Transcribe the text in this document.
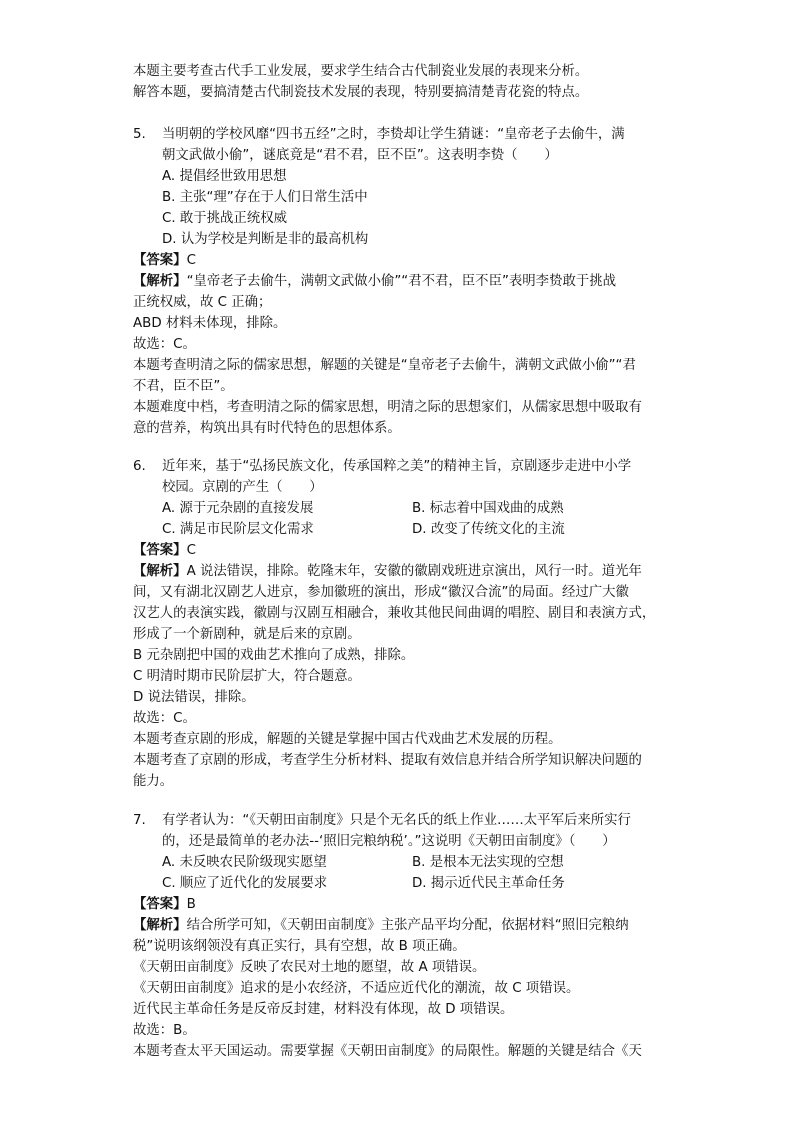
本题主要考查古代手工业发展，要求学生结合古代制瓷业发展的表现来分析。
解答本题，要搞清楚古代制瓷技术发展的表现，特别要搞清楚青花瓷的特点。
5. 当明朝的学校风靡“四书五经”之时，李贽却让学生猜谜：“皇帝老子去偷牛，满
朝文武做小偷”，谜底竟是“君不君，臣不臣”。这表明李贽（　　）
A. 提倡经世致用思想
B. 主张“理”存在于人们日常生活中
C. 敢于挑战正统权威
D. 认为学校是判断是非的最高机构
【答案】C
【解析】“皇帝老子去偷牛，满朝文武做小偷”“君不君，臣不臣”表明李贽敢于挑战
正统权威，故 C 正确；
ABD 材料未体现，排除。
故选：C。
本题考查明清之际的儒家思想，解题的关键是“皇帝老子去偷牛，满朝文武做小偷”“君
不君，臣不臣”。
本题难度中档，考查明清之际的儒家思想，明清之际的思想家们，从儒家思想中吸取有
意的营养，构筑出具有时代特色的思想体系。
6. 近年来，基于“弘扬民族文化，传承国粹之美”的精神主旨，京剧逐步走进中小学
校园。京剧的产生（　　）
A. 源于元杂剧的直接发展	B. 标志着中国戏曲的成熟
C. 满足市民阶层文化需求	D. 改变了传统文化的主流
【答案】C
【解析】A 说法错误，排除。乾隆末年，安徽的徽剧戏班进京演出，风行一时。道光年
间，又有湖北汉剧艺人进京，参加徽班的演出，形成“徽汉合流”的局面。经过广大徽
汉艺人的表演实践，徽剧与汉剧互相融合，兼收其他民间曲调的唱腔、剧目和表演方式，
形成了一个新剧种，就是后来的京剧。
B 元杂剧把中国的戏曲艺术推向了成熟，排除。
C 明清时期市民阶层扩大，符合题意。
D 说法错误，排除。
故选：C。
本题考查京剧的形成，解题的关键是掌握中国古代戏曲艺术发展的历程。
本题考查了京剧的形成，考查学生分析材料、提取有效信息并结合所学知识解决问题的
能力。
7. 有学者认为：“《天朝田亩制度》只是个无名氏的纸上作业……太平军后来所实行
的，还是最简单的老办法--‘照旧完粮纳税’。”这说明《天朝田亩制度》（　　）
A. 未反映农民阶级现实愿望	B. 是根本无法实现的空想
C. 顺应了近代化的发展要求	D. 揭示近代民主革命任务
【答案】B
【解析】结合所学可知，《天朝田亩制度》主张产品平均分配，依据材料“照旧完粮纳
税”说明该纲领没有真正实行，具有空想，故 B 项正确。
《天朝田亩制度》反映了农民对土地的愿望，故 A 项错误。
《天朝田亩制度》追求的是小农经济，不适应近代化的潮流，故 C 项错误。
近代民主革命任务是反帝反封建，材料没有体现，故 D 项错误。
故选：B。
本题考查太平天国运动。需要掌握《天朝田亩制度》的局限性。解题的关键是结合《天
